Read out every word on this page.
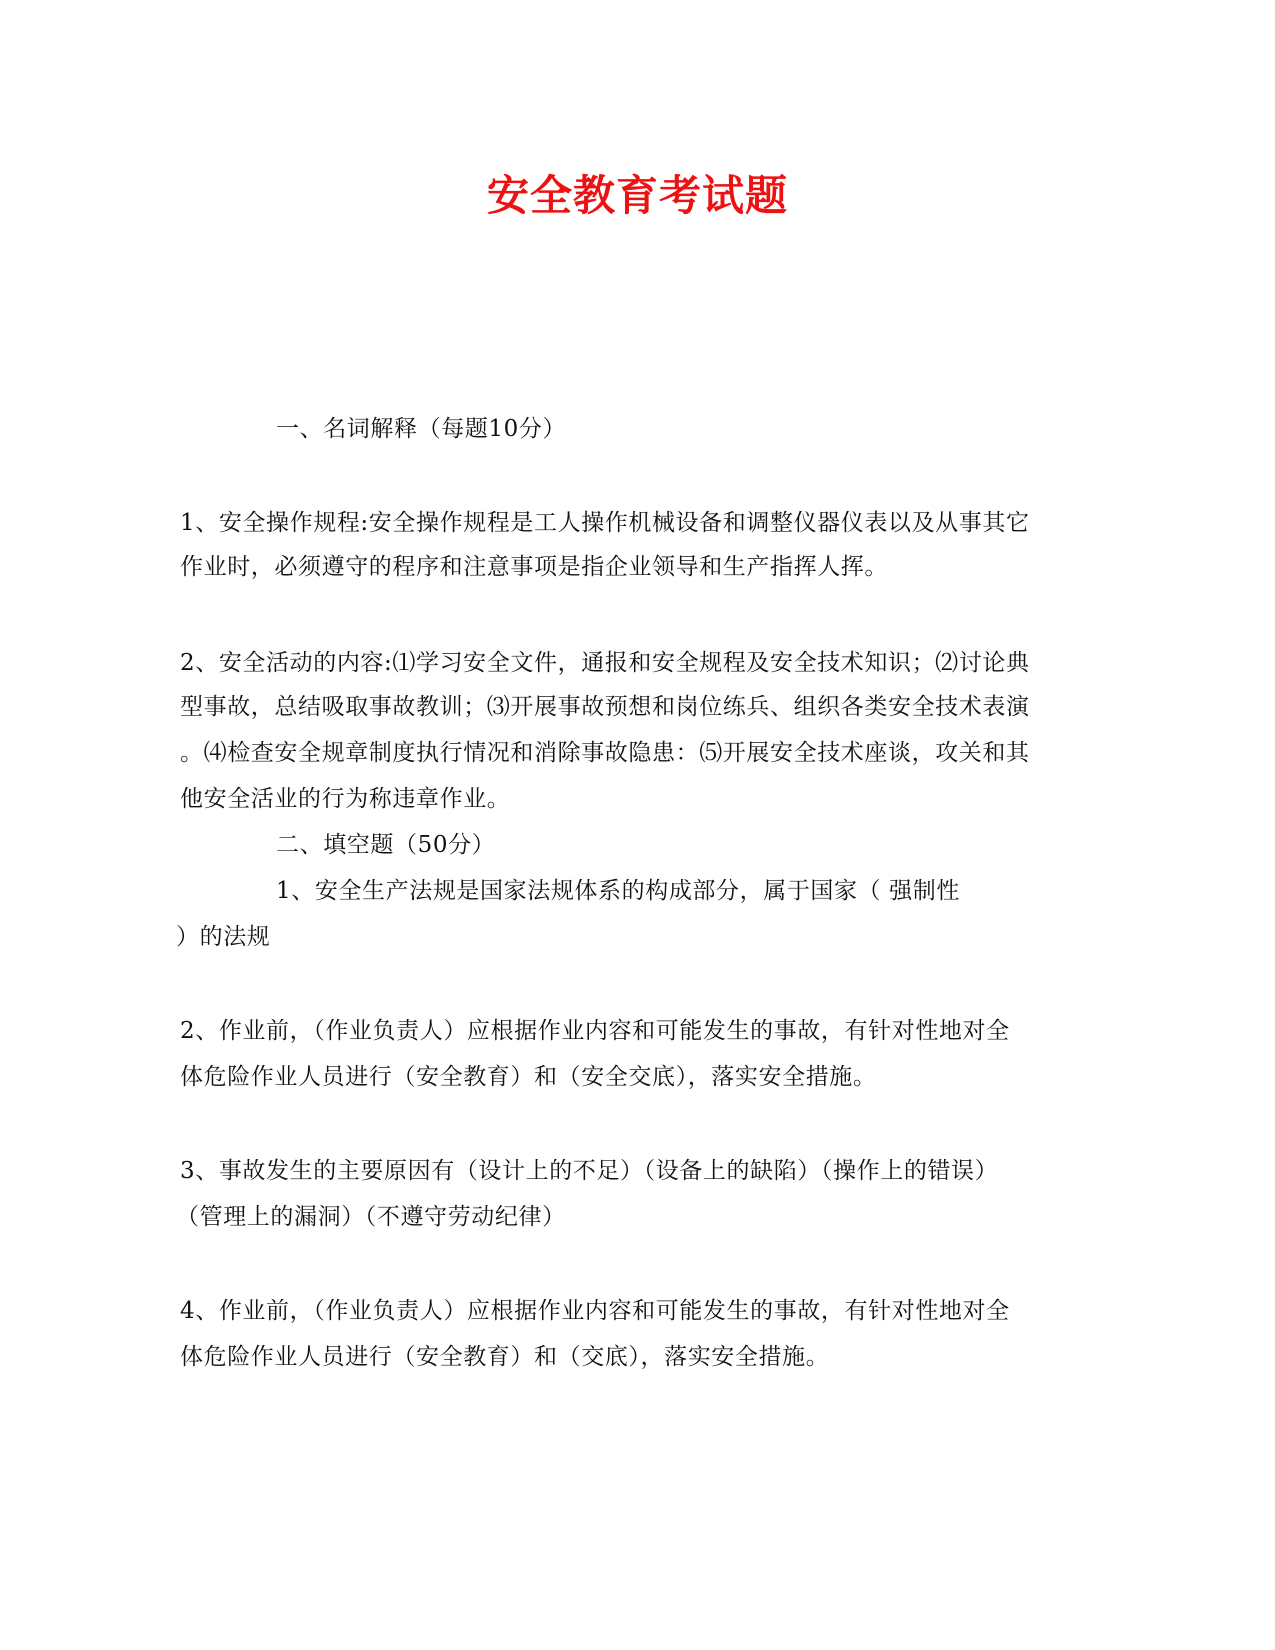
安全教育考试题
一、名词解释（每题10分）
1、安全操作规程:安全操作规程是工人操作机械设备和调整仪器仪表以及从事其它
作业时，必须遵守的程序和注意事项是指企业领导和生产指挥人挥。
2、安全活动的内容:⑴学习安全文件，通报和安全规程及安全技术知识；⑵讨论典
型事故，总结吸取事故教训；⑶开展事故预想和岗位练兵、组织各类安全技术表演
。⑷检查安全规章制度执行情况和消除事故隐患：⑸开展安全技术座谈，攻关和其
他安全活业的行为称违章作业。
二、填空题（50分）
1、安全生产法规是国家法规体系的构成部分，属于国家（ 强制性
）的法规
2、作业前，（作业负责人）应根据作业内容和可能发生的事故，有针对性地对全
体危险作业人员进行（安全教育）和（安全交底），落实安全措施。
3、事故发生的主要原因有（设计上的不足）（设备上的缺陷）（操作上的错误）
（管理上的漏洞）（不遵守劳动纪律）
4、作业前，（作业负责人）应根据作业内容和可能发生的事故，有针对性地对全
体危险作业人员进行（安全教育）和（交底），落实安全措施。
